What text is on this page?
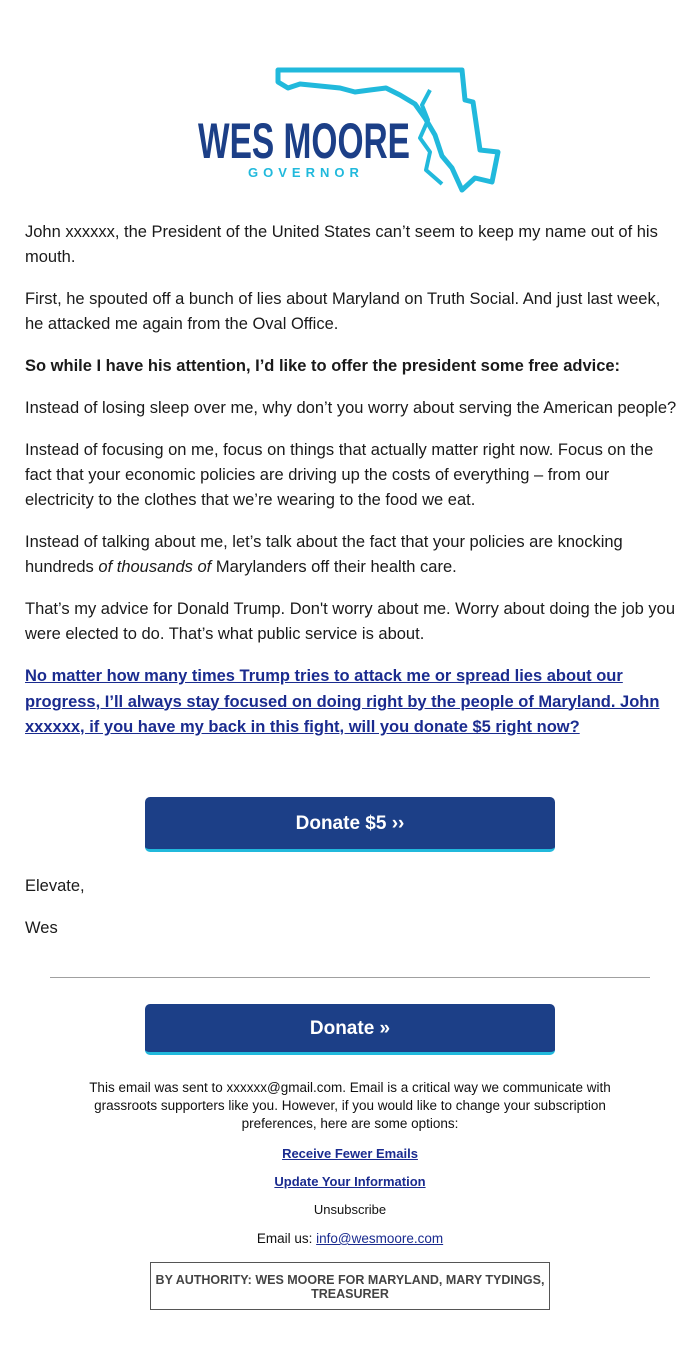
WES MOORE
GOVERNOR

John xxxxxx, the President of the United States can’t seem to keep my name out of his mouth.

First, he spouted off a bunch of lies about Maryland on Truth Social. And just last week, he attacked me again from the Oval Office.

So while I have his attention, I’d like to offer the president some free advice:

Instead of losing sleep over me, why don’t you worry about serving the American people?

Instead of focusing on me, focus on things that actually matter right now. Focus on the fact that your economic policies are driving up the costs of everything – from our electricity to the clothes that we’re wearing to the food we eat.

Instead of talking about me, let’s talk about the fact that your policies are knocking hundreds of thousands of Marylanders off their health care.

That’s my advice for Donald Trump. Don't worry about me. Worry about doing the job you were elected to do. That’s what public service is about.

No matter how many times Trump tries to attack me or spread lies about our progress, I’ll always stay focused on doing right by the people of Maryland. John xxxxxx, if you have my back in this fight, will you donate $5 right now?
Donate $5 ››
Elevate,
Wes
Donate »
This email was sent to xxxxxx@gmail.com. Email is a critical way we communicate with grassroots supporters like you. However, if you would like to change your subscription preferences, here are some options:
Receive Fewer Emails
Update Your Information
Unsubscribe
Email us: info@wesmoore.com
BY AUTHORITY: WES MOORE FOR MARYLAND, MARY TYDINGS, TREASURER
